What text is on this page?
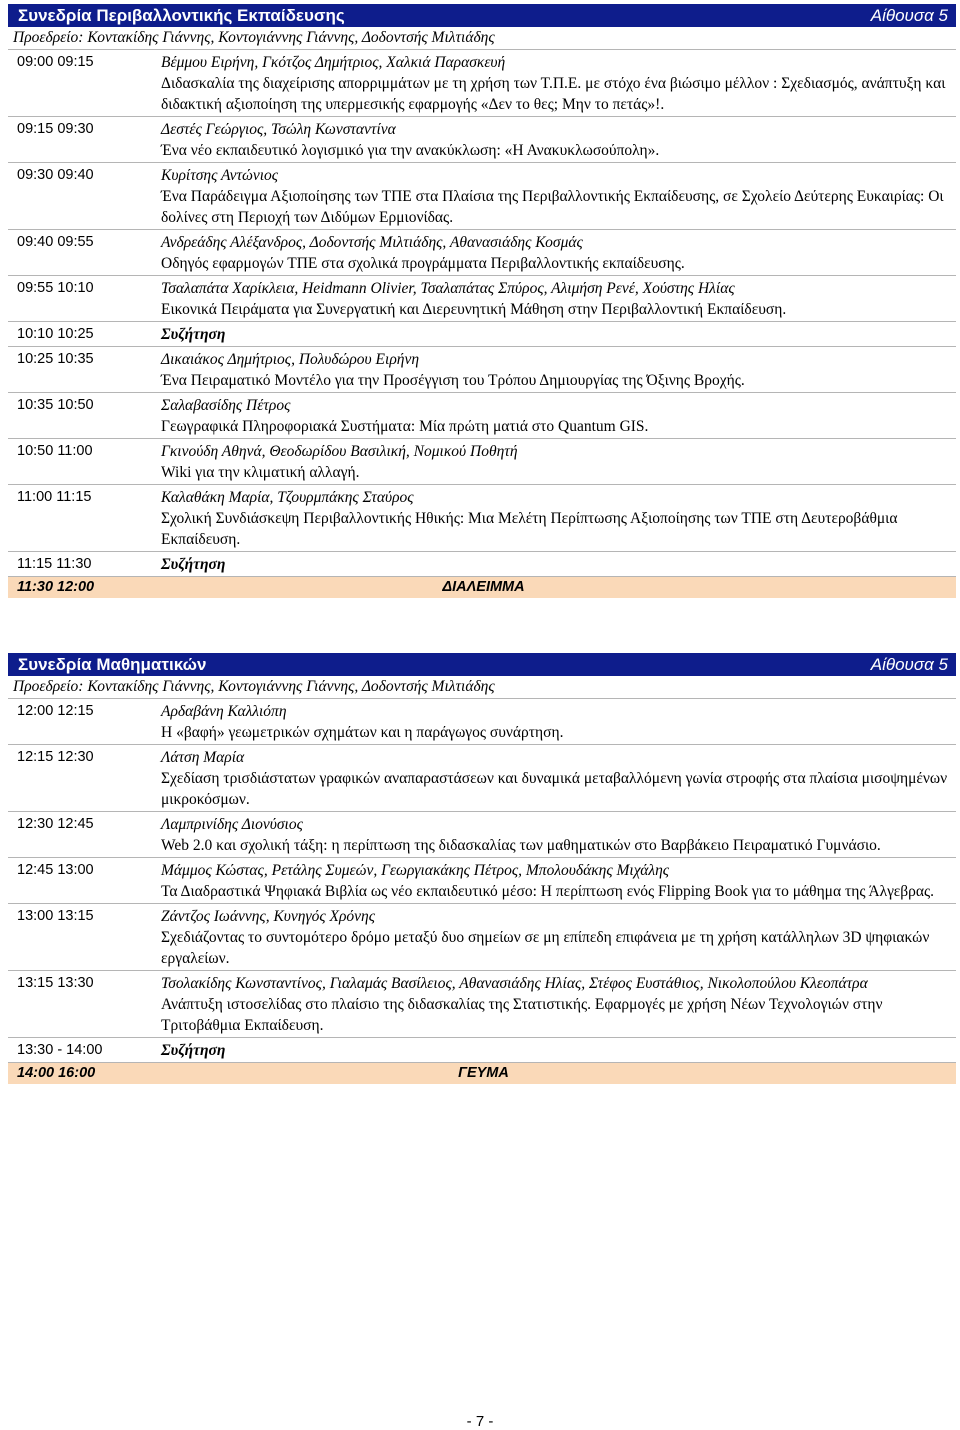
Συνεδρία Περιβαλλοντικής Εκπαίδευσης	Αίθουσα 5
Προεδρείο: Κοντακίδης Γιάννης, Κοντογιάννης Γιάννης, Δοδοντσής Μιλτιάδης
09:00 09:15	Βέμμου Ειρήνη, Γκότζος Δημήτριος, Χαλκιά Παρασκευή
Διδασκαλία της διαχείρισης απορριμμάτων με τη χρήση των Τ.Π.Ε. με στόχο ένα βιώσιμο μέλλον : Σχεδιασμός, ανάπτυξη και διδακτική αξιοποίηση της υπερμεσικής εφαρμογής «Δεν το θες; Μην το πετάς»!.
09:15 09:30	Δεστές Γεώργιος, Τσώλη Κωνσταντίνα
Ένα νέο εκπαιδευτικό λογισμικό για την ανακύκλωση: «Η Ανακυκλωσούπολη».
09:30 09:40	Κυρίτσης Αντώνιος
Ένα Παράδειγμα Αξιοποίησης των ΤΠΕ στα Πλαίσια της Περιβαλλοντικής Εκπαίδευσης, σε Σχολείο Δεύτερης Ευκαιρίας: Οι δολίνες στη Περιοχή των Διδύμων Ερμιονίδας.
09:40 09:55	Ανδρεάδης Αλέξανδρος, Δοδοντσής Μιλτιάδης, Αθανασιάδης Κοσμάς
Οδηγός εφαρμογών ΤΠΕ στα σχολικά προγράμματα Περιβαλλοντικής εκπαίδευσης.
09:55 10:10	Τσαλαπάτα Χαρίκλεια, Heidmann Olivier, Τσαλαπάτας Σπύρος, Αλιμήση Ρενέ, Χούστης Ηλίας
Εικονικά Πειράματα για Συνεργατική και Διερευνητική Μάθηση στην Περιβαλλοντική Εκπαίδευση.
10:10 10:25	Συζήτηση
10:25 10:35	Δικαιάκος Δημήτριος, Πολυδώρου Ειρήνη
Ένα Πειραματικό Μοντέλο για την Προσέγγιση του Τρόπου Δημιουργίας της Όξινης Βροχής.
10:35 10:50	Σαλαβασίδης Πέτρος
Γεωγραφικά Πληροφοριακά Συστήματα: Μία πρώτη ματιά στο Quantum GIS.
10:50 11:00	Γκινούδη Αθηνά, Θεοδωρίδου Βασιλική, Νομικού Ποθητή
Wiki για την κλιματική αλλαγή.
11:00 11:15	Καλαθάκη Μαρία, Τζουρμπάκης Σταύρος
Σχολική Συνδιάσκεψη Περιβαλλοντικής Ηθικής: Μια Μελέτη Περίπτωσης Αξιοποίησης των ΤΠΕ στη Δευτεροβάθμια Εκπαίδευση.
11:15 11:30	Συζήτηση
11:30 12:00	ΔΙΑΛΕΙΜΜΑ
Συνεδρία Μαθηματικών	Αίθουσα 5
Προεδρείο: Κοντακίδης Γιάννης, Κοντογιάννης Γιάννης, Δοδοντσής Μιλτιάδης
12:00 12:15	Αρδαβάνη Καλλιόπη
Η «βαφή» γεωμετρικών σχημάτων και η παράγωγος συνάρτηση.
12:15 12:30	Λάτση Μαρία
Σχεδίαση τρισδιάστατων γραφικών αναπαραστάσεων και δυναμικά μεταβαλλόμενη γωνία στροφής στα πλαίσια μισοψημένων μικροκόσμων.
12:30 12:45	Λαμπρινίδης Διονύσιος
Web 2.0 και σχολική τάξη: η περίπτωση της διδασκαλίας των μαθηματικών στο Βαρβάκειο Πειραματικό Γυμνάσιο.
12:45 13:00	Μάμμος Κώστας, Ρετάλης Συμεών, Γεωργιακάκης Πέτρος, Μπολουδάκης Μιχάλης
Τα Διαδραστικά Ψηφιακά Βιβλία ως νέο εκπαιδευτικό μέσο: Η περίπτωση ενός Flipping Book για το μάθημα της Άλγεβρας.
13:00 13:15	Ζάντζος Ιωάννης, Κυνηγός Χρόνης
Σχεδιάζοντας το συντομότερο δρόμο μεταξύ δυο σημείων σε μη επίπεδη επιφάνεια με τη χρήση κατάλληλων 3D ψηφιακών εργαλείων.
13:15 13:30	Τσολακίδης Κωνσταντίνος, Γιαλαμάς Βασίλειος, Αθανασιάδης Ηλίας, Στέφος Ευστάθιος, Νικολοπούλου Κλεοπάτρα
Ανάπτυξη ιστοσελίδας στο πλαίσιο της διδασκαλίας της Στατιστικής. Εφαρμογές με χρήση Νέων Τεχνολογιών στην Τριτοβάθμια Εκπαίδευση.
13:30 - 14:00	Συζήτηση
14:00 16:00	ΓΕΥΜΑ
- 7 -
